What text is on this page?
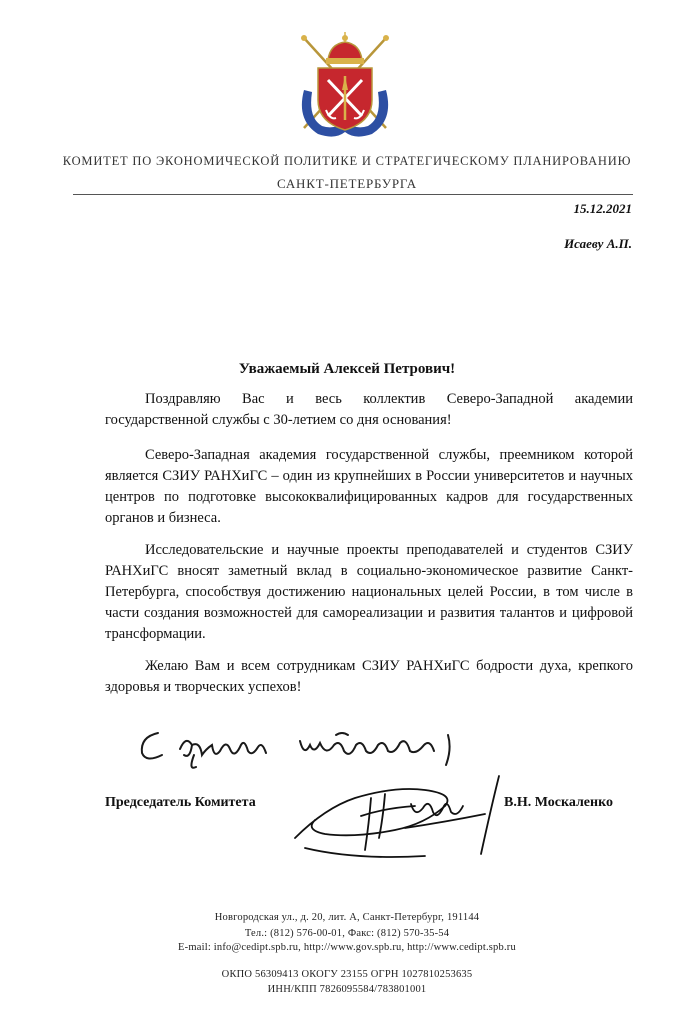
КОМИТЕТ ПО ЭКОНОМИЧЕСКОЙ ПОЛИТИКЕ И СТРАТЕГИЧЕСКОМУ ПЛАНИРОВАНИЮ
САНКТ-ПЕТЕРБУРГА
15.12.2021
Исаеву А.П.
Уважаемый Алексей Петрович!

Поздравляю Вас и весь коллектив Северо-Западной академии государственной службы с 30-летием со дня основания!

Северо-Западная академия государственной службы, преемником которой является СЗИУ РАНХиГС – один из крупнейших в России университетов и научных центров по подготовке высококвалифицированных кадров для государственных органов и бизнеса.

Исследовательские и научные проекты преподавателей и студентов СЗИУ РАНХиГС вносят заметный вклад в социально-экономическое развитие Санкт-Петербурга, способствуя достижению национальных целей России, в том числе в части создания возможностей для самореализации и развития талантов и цифровой трансформации.

Желаю Вам и всем сотрудникам СЗИУ РАНХиГС бодрости духа, крепкого здоровья и творческих успехов!

Председатель Комитета	В.Н. Москаленко
Новгородская ул., д. 20, лит. А, Санкт-Петербург, 191144
Тел.: (812) 576-00-01, Факс: (812) 570-35-54
E-mail: info@cedipt.spb.ru, http://www.gov.spb.ru, http://www.cedipt.spb.ru
ОКПО 56309413 ОКОГУ 23155 ОГРН 1027810253635
ИНН/КПП 7826095584/783801001
